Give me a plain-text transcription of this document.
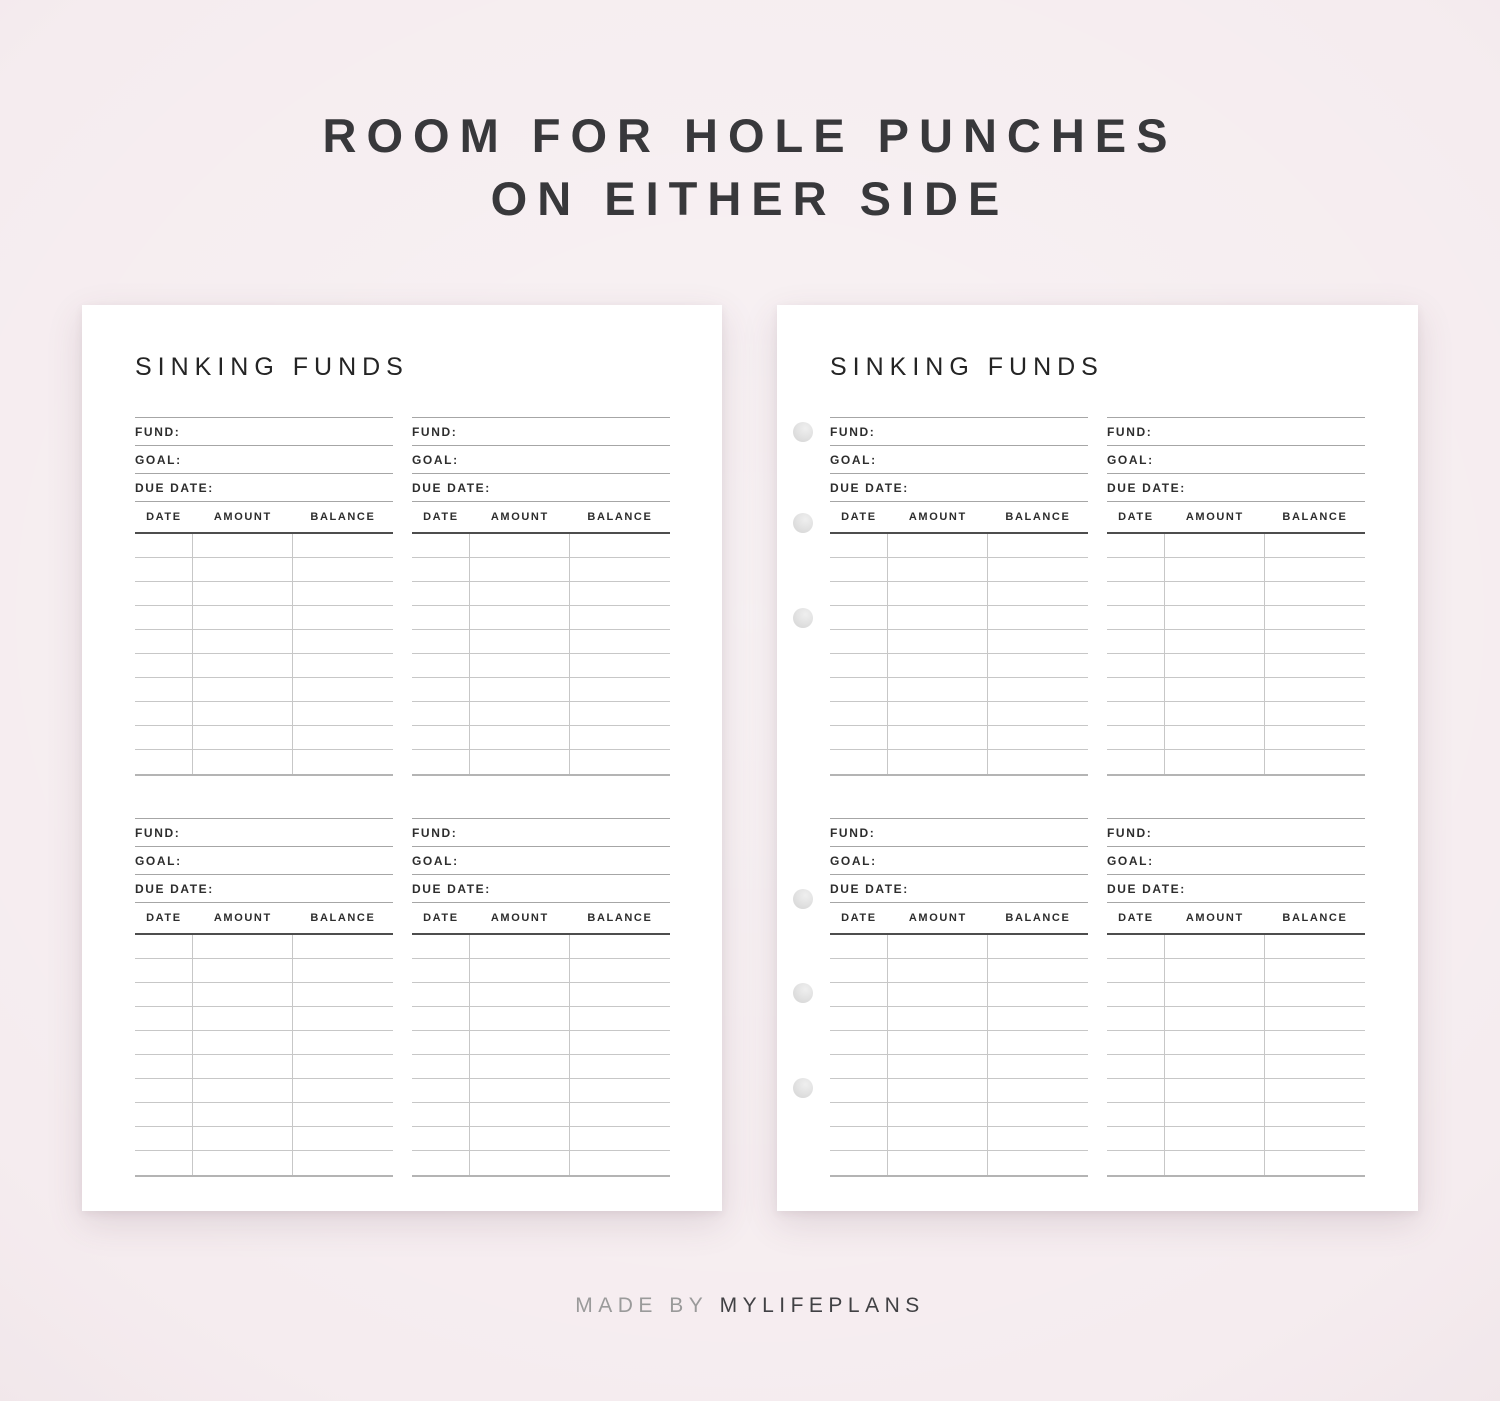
ROOM FOR HOLE PUNCHES
ON EITHER SIDE
SINKING FUNDS
FUND:
GOAL:
DUE DATE:
DATE	AMOUNT	BALANCE
FUND:
GOAL:
DUE DATE:
DATE	AMOUNT	BALANCE
FUND:
GOAL:
DUE DATE:
DATE	AMOUNT	BALANCE
FUND:
GOAL:
DUE DATE:
DATE	AMOUNT	BALANCE
SINKING FUNDS
FUND:
GOAL:
DUE DATE:
DATE	AMOUNT	BALANCE
FUND:
GOAL:
DUE DATE:
DATE	AMOUNT	BALANCE
FUND:
GOAL:
DUE DATE:
DATE	AMOUNT	BALANCE
FUND:
GOAL:
DUE DATE:
DATE	AMOUNT	BALANCE
MADE BY MYLIFEPLANS
